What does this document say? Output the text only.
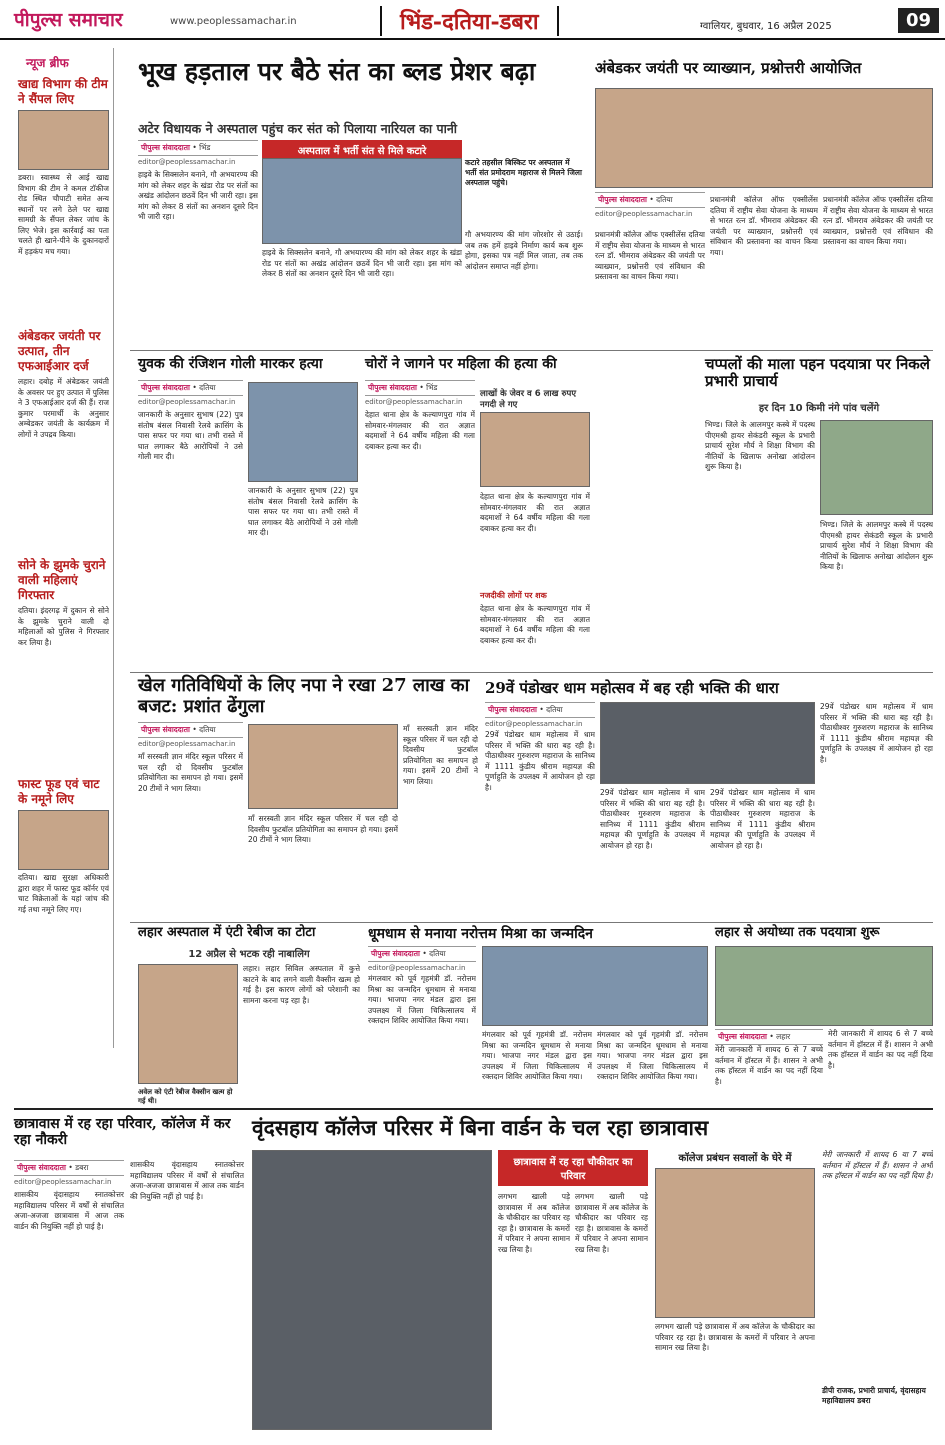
पीपुल्स समाचार	www.peoplessamachar.in	भिंड-दतिया-डबरा	ग्वालियर, बुधवार, 16 अप्रैल 2025	09
न्यूज ब्रीफ
खाद्य विभाग की टीम ने सैंपल लिए
डबरा। स्वास्थ्य से आई खाद्य विभाग की टीम ने कमल टॉकीज रोड स्थित चौपाटी समेत अन्य स्थानों पर लगे ठेले पर खाद्य सामग्री के सैंपल लेकर जांच के लिए भेजे। इस कार्रवाई का पता चलते ही खाने-पीने के दुकानदारों में हड़कंप मच गया।
अंबेडकर जयंती पर उत्पात, तीन एफआईआर दर्ज
लहार। दबोह में अंबेडकर जयंती के अवसर पर हुए उत्पात में पुलिस ने 3 एफआईआर दर्ज की हैं। राज कुमार परमार्थी के अनुसार अम्बेडकर जयंती के कार्यक्रम में लोगों ने उपद्रव किया।
सोने के झुमके चुराने वाली महिलाएं गिरफ्तार
दतिया। इंदरगढ़ में दुकान से सोने के झुमके चुराने वाली दो महिलाओं को पुलिस ने गिरफ्तार कर लिया है।
फास्ट फूड एवं चाट के नमूने लिए
दतिया। खाद्य सुरक्षा अधिकारी द्वारा शहर में फास्ट फूड कॉर्नर एवं चाट विक्रेताओं के यहां जांच की गई तथा नमूने लिए गए।
भूख हड़ताल पर बैठे संत का ब्लड प्रेशर बढ़ा
अटेर विधायक ने अस्पताल पहुंच कर संत को पिलाया नारियल का पानी
पीपुल्स संवाददाता • भिंड
editor@peoplessamachar.in
अस्पताल में भर्ती संत से मिले कटारे
कटारे तहसील बिस्किट पर अस्पताल में भर्ती संत प्रमोदराम महाराज से मिलने जिला अस्पताल पहुंचे।
हाइवे के सिक्सलेन बनाने, गौ अभयारण्य की मांग को लेकर शहर के खंडा रोड पर संतों का अखंड आंदोलन छठवें दिन भी जारी रहा। इस मांग को लेकर 8 संतों का अनशन दूसरे दिन भी जारी रहा।
हाइवे के सिक्सलेन बनाने, गौ अभयारण्य की मांग को लेकर शहर के खंडा रोड पर संतों का अखंड आंदोलन छठवें दिन भी जारी रहा। इस मांग को लेकर 8 संतों का अनशन दूसरे दिन भी जारी रहा।
गौ अभयारण्य की मांग जोरशोर से उठाई। जब तक हमें हाइवे निर्माण कार्य कब शुरू होगा, इसका पत्र नहीं मिल जाता, तब तक आंदोलन समाप्त नहीं होगा।
अंबेडकर जयंती पर व्याख्यान, प्रश्नोत्तरी आयोजित
पीपुल्स संवाददाता • दतिया
editor@peoplessamachar.in
प्रधानमंत्री कॉलेज ऑफ एक्सीलेंस दतिया में राष्ट्रीय सेवा योजना के माध्यम से भारत रत्न डॉ. भीमराव अंबेडकर की जयंती पर व्याख्यान, प्रश्नोत्तरी एवं संविधान की प्रस्तावना का वाचन किया गया।
प्रधानमंत्री कॉलेज ऑफ एक्सीलेंस दतिया में राष्ट्रीय सेवा योजना के माध्यम से भारत रत्न डॉ. भीमराव अंबेडकर की जयंती पर व्याख्यान, प्रश्नोत्तरी एवं संविधान की प्रस्तावना का वाचन किया गया।
प्रधानमंत्री कॉलेज ऑफ एक्सीलेंस दतिया में राष्ट्रीय सेवा योजना के माध्यम से भारत रत्न डॉ. भीमराव अंबेडकर की जयंती पर व्याख्यान, प्रश्नोत्तरी एवं संविधान की प्रस्तावना का वाचन किया गया।
युवक की रंजिशन गोली मारकर हत्या
पीपुल्स संवाददाता • दतिया
editor@peoplessamachar.in
जानकारी के अनुसार सुभाष (22) पुत्र संतोष बंसल निवासी रेलवे क्रासिंग के पास सफर पर गया था। तभी रास्ते में घात लगाकर बैठे आरोपियों ने उसे गोली मार दी।
जानकारी के अनुसार सुभाष (22) पुत्र संतोष बंसल निवासी रेलवे क्रासिंग के पास सफर पर गया था। तभी रास्ते में घात लगाकर बैठे आरोपियों ने उसे गोली मार दी।
चोरों ने जागने पर महिला की हत्या की
पीपुल्स संवाददाता • भिंड
editor@peoplessamachar.in
लाखों के जेवर व 6 लाख रुपए नगदी ले गए
देहात थाना क्षेत्र के कल्याणपुरा गांव में सोमवार-मंगलवार की रात अज्ञात बदमाशों ने 64 वर्षीय महिला की गला दबाकर हत्या कर दी।
देहात थाना क्षेत्र के कल्याणपुरा गांव में सोमवार-मंगलवार की रात अज्ञात बदमाशों ने 64 वर्षीय महिला की गला दबाकर हत्या कर दी।
नजदीकी लोगों पर शक
देहात थाना क्षेत्र के कल्याणपुरा गांव में सोमवार-मंगलवार की रात अज्ञात बदमाशों ने 64 वर्षीय महिला की गला दबाकर हत्या कर दी।
चप्पलों की माला पहन पदयात्रा पर निकले प्रभारी प्राचार्य
हर दिन 10 किमी नंगे पांव चलेंगे
भिण्ड। जिले के आलमपुर कस्बे में पदस्थ पीएमश्री हायर सेकंडरी स्कूल के प्रभारी प्राचार्य सुरेश मौर्य ने शिक्षा विभाग की नीतियों के खिलाफ अनोखा आंदोलन शुरू किया है।
भिण्ड। जिले के आलमपुर कस्बे में पदस्थ पीएमश्री हायर सेकंडरी स्कूल के प्रभारी प्राचार्य सुरेश मौर्य ने शिक्षा विभाग की नीतियों के खिलाफ अनोखा आंदोलन शुरू किया है।
खेल गतिविधियों के लिए नपा ने रखा 27 लाख का बजट: प्रशांत ढेंगुला
पीपुल्स संवाददाता • दतिया
editor@peoplessamachar.in
माँ सरस्वती ज्ञान मंदिर स्कूल परिसर में चल रही दो दिवसीय फुटबॉल प्रतियोगिता का समापन हो गया। इसमें 20 टीमों ने भाग लिया।
माँ सरस्वती ज्ञान मंदिर स्कूल परिसर में चल रही दो दिवसीय फुटबॉल प्रतियोगिता का समापन हो गया। इसमें 20 टीमों ने भाग लिया।
माँ सरस्वती ज्ञान मंदिर स्कूल परिसर में चल रही दो दिवसीय फुटबॉल प्रतियोगिता का समापन हो गया। इसमें 20 टीमों ने भाग लिया।
29वें पंडोखर धाम महोत्सव में बह रही भक्ति की धारा
पीपुल्स संवाददाता • दतिया
editor@peoplessamachar.in
29वें पंडोखर धाम महोत्सव में धाम परिसर में भक्ति की धारा बह रही है। पीठाधीश्वर गुरुशरण महाराज के सानिध्य में 1111 कुंडीय श्रीराम महायज्ञ की पूर्णाहुति के उपलक्ष्य में आयोजन हो रहा है।
29वें पंडोखर धाम महोत्सव में धाम परिसर में भक्ति की धारा बह रही है। पीठाधीश्वर गुरुशरण महाराज के सानिध्य में 1111 कुंडीय श्रीराम महायज्ञ की पूर्णाहुति के उपलक्ष्य में आयोजन हो रहा है।
29वें पंडोखर धाम महोत्सव में धाम परिसर में भक्ति की धारा बह रही है। पीठाधीश्वर गुरुशरण महाराज के सानिध्य में 1111 कुंडीय श्रीराम महायज्ञ की पूर्णाहुति के उपलक्ष्य में आयोजन हो रहा है।
29वें पंडोखर धाम महोत्सव में धाम परिसर में भक्ति की धारा बह रही है। पीठाधीश्वर गुरुशरण महाराज के सानिध्य में 1111 कुंडीय श्रीराम महायज्ञ की पूर्णाहुति के उपलक्ष्य में आयोजन हो रहा है।
लहार अस्पताल में एंटी रेबीज का टोटा
12 अप्रैल से भटक रही नाबालिग
लहार। लहार सिविल अस्पताल में कुत्ते काटने के बाद लगने वाली वैक्सीन खत्म हो गई है। इस कारण लोगों को परेशानी का सामना करना पड़ रहा है।
अवेल को एंटी रेबीज वैक्सीन खत्म हो गई थी।
धूमधाम से मनाया नरोत्तम मिश्रा का जन्मदिन
पीपुल्स संवाददाता • दतिया
editor@peoplessamachar.in
मंगलवार को पूर्व गृहमंत्री डॉ. नरोत्तम मिश्रा का जन्मदिन धूमधाम से मनाया गया। भाजपा नगर मंडल द्वारा इस उपलक्ष्य में जिला चिकित्सालय में रक्तदान शिविर आयोजित किया गया।
मंगलवार को पूर्व गृहमंत्री डॉ. नरोत्तम मिश्रा का जन्मदिन धूमधाम से मनाया गया। भाजपा नगर मंडल द्वारा इस उपलक्ष्य में जिला चिकित्सालय में रक्तदान शिविर आयोजित किया गया।
मंगलवार को पूर्व गृहमंत्री डॉ. नरोत्तम मिश्रा का जन्मदिन धूमधाम से मनाया गया। भाजपा नगर मंडल द्वारा इस उपलक्ष्य में जिला चिकित्सालय में रक्तदान शिविर आयोजित किया गया।
लहार से अयोध्या तक पदयात्रा शुरू
पीपुल्स संवाददाता • लहार
मेरी जानकारी में शायद 6 से 7 बच्चे वर्तमान में हॉस्टल में हैं। शासन ने अभी तक हॉस्टल में वार्डन का पद नहीं दिया है।
मेरी जानकारी में शायद 6 से 7 बच्चे वर्तमान में हॉस्टल में हैं। शासन ने अभी तक हॉस्टल में वार्डन का पद नहीं दिया है।
छात्रावास में रह रहा परिवार, कॉलेज में कर रहा नौकरी
पीपुल्स संवाददाता • डबरा
editor@peoplessamachar.in
शासकीय वृंदासहाय स्नातकोत्तर महाविद्यालय परिसर में वर्षों से संचालित अजा-अजजा छात्रावास में आज तक वार्डन की नियुक्ति नहीं हो पाई है।
शासकीय वृंदासहाय स्नातकोत्तर महाविद्यालय परिसर में वर्षों से संचालित अजा-अजजा छात्रावास में आज तक वार्डन की नियुक्ति नहीं हो पाई है।
वृंदसहाय कॉलेज परिसर में बिना वार्डन के चल रहा छात्रावास
छात्रावास में रह रहा चौकीदार का परिवार
लगभग खाली पड़े छात्रावास में अब कॉलेज के चौकीदार का परिवार रह रहा है। छात्रावास के कमरों में परिवार ने अपना सामान रख लिया है।
लगभग खाली पड़े छात्रावास में अब कॉलेज के चौकीदार का परिवार रह रहा है। छात्रावास के कमरों में परिवार ने अपना सामान रख लिया है।
कॉलेज प्रबंधन सवालों के घेरे में
लगभग खाली पड़े छात्रावास में अब कॉलेज के चौकीदार का परिवार रह रहा है। छात्रावास के कमरों में परिवार ने अपना सामान रख लिया है।
मेरी जानकारी में शायद 6 या 7 बच्चे वर्तमान में हॉस्टल में हैं। शासन ने अभी तक हॉस्टल में वार्डन का पद नहीं दिया है।
डीपी राजक, प्रभारी प्राचार्य, वृंदासहाय महाविद्यालय डबरा
